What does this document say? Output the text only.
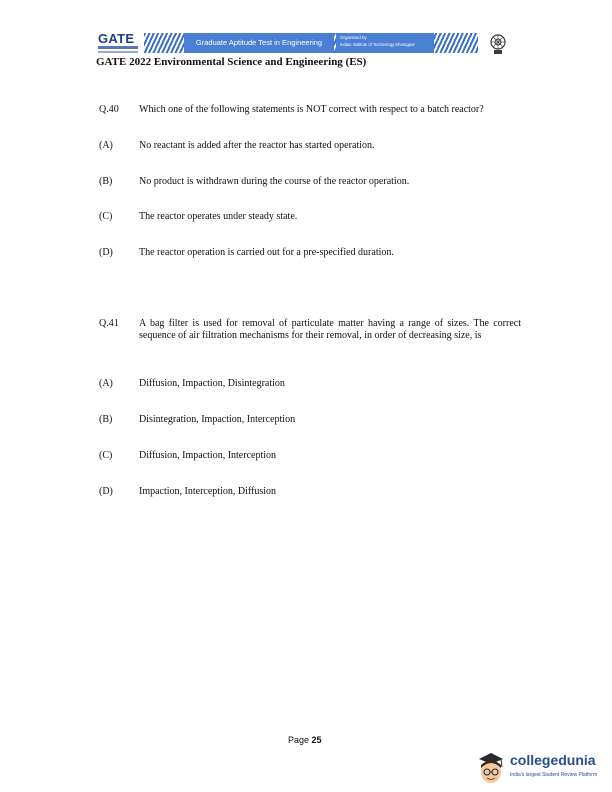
GATE	Graduate Aptitude Test in Engineering
Organised by
Indian Institute of Technology Kharagpur
GATE 2022 Environmental Science and Engineering (ES)
Q.40	Which one of the following statements is NOT correct with respect to a batch reactor?
(A)	No reactant is added after the reactor has started operation.
(B)	No product is withdrawn during the course of the reactor operation.
(C)	The reactor operates under steady state.
(D)	The reactor operation is carried out for a pre-specified duration.
Q.41	A bag filter is used for removal of particulate matter having a range of sizes. The correct sequence of air filtration mechanisms for their removal, in order of decreasing size, is
(A)	Diffusion, Impaction, Disintegration
(B)	Disintegration, Impaction, Interception
(C)	Diffusion, Impaction, Interception
(D)	Impaction, Interception, Diffusion
Page 25
collegedunia
India's largest Student Review Platform
